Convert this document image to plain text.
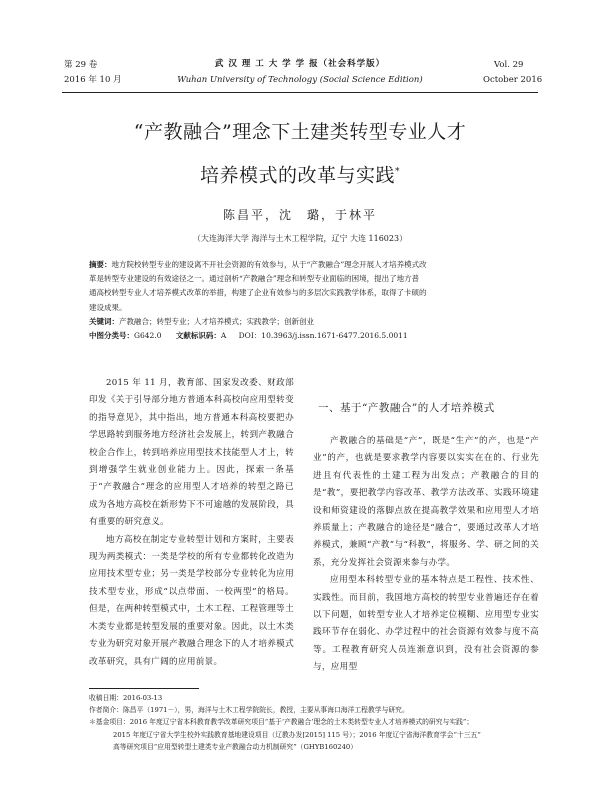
第 29 卷
2016 年 10 月
武 汉 理 工 大 学 学 报（社会科学版）
Wuhan University of Technology (Social Science Edition)
Vol. 29
October 2016
“产教融合”理念下土建类转型专业人才
培养模式的改革与实践*
陈昌平，沈　璐，于林平
（大连海洋大学 海洋与土木工程学院，辽宁 大连 116023）
摘要：地方院校转型专业的建设离不开社会资源的有效参与，从于“产教融合”理念开展人才培养模式改
革是转型专业建设的有效途径之一。通过剖析“产教融合”理念和转型专业面临的困境，提出了地方普
通高校转型专业人才培养模式改革的举措，构建了企业有效参与的多层次实践教学体系，取得了卡硕的
建设成果。
关键词：产教融合；转型专业；人才培养模式；实践教学；创新创业
中图分类号：G642.0 文献标识码：A DOI：10.3963/j.issn.1671-6477.2016.5.0011

2015 年 11 月，教育部、国家发改委、财政部印发《关于引导部分地方普通本科高校向应用型转变的指导意见》，其中指出，地方普通本科高校要把办学思路转到服务地方经济社会发展上，转到产教融合校企合作上，转到培养应用型技术技能型人才上，转到增强学生就业创业能力上。因此，探索一条基于“产教融合”理念的应用型人才培养的转型之路已成为各地方高校在新形势下不可逾越的发展阶段，具有重要的研究意义。

地方高校在制定专业转型计划和方案时，主要表现为两类模式：一类是学校的所有专业都转化改造为应用技术型专业；另一类是学校部分专业转化为应用技术型专业，形成“以点带面、一校两型”的格局。但是，在两种转型模式中，土木工程、工程管理等土木类专业都是转型发展的重要对象。因此，以土木类专业为研究对象开展产教融合理念下的人才培养模式改革研究，具有广阔的应用前景。

一、基于“产教融合”的人才培养模式

产教融合的基础是“产”，既是“生产”的产，也是“产业”的产，也就是要求教学内容要以实实在在的、行业先进且有代表性的土建工程为出发点；产教融合的目的是“教”，要把教学内容改革、教学方法改革、实践环境建设和师资建设的落脚点放在提高教学效果和应用型人才培养质量上；产教融合的途径是“融合”，要通过改革人才培养模式，兼顾“产教”与“科教”，将服务、学、研之间的关系，充分发挥社会资源来参与办学。

应用型本科转型专业的基本特点是工程性、技术性、实践性。而目前，我国地方高校的转型专业普遍还存在着以下问题，如转型专业人才培养定位模糊、应用型专业实践环节存在弱化、办学过程中的社会资源有效参与度不高等。工程教育研究人员连渐意识到，没有社会资源的参与，应用型

收稿日期：2016-03-13
作者简介：陈昌平（1971－），男，海洋与土木工程学院院长，教授，主要从事海口海洋工程教学与研究。
＊基金项目：2016 年度辽宁省本科教育教学改革研究项目“基于‘产教融合’理念的土木类转型专业人才培养模式的研究与实践”；
2015 年度辽宁省大学生校外实践教育基地建设项目（辽教办发[2015] 115 号）；2016 年度辽宁省海洋教育学会“十三五”
高等研究项目“应用型转型土建类专业产教融合动力机制研究”（GHYB160240）
